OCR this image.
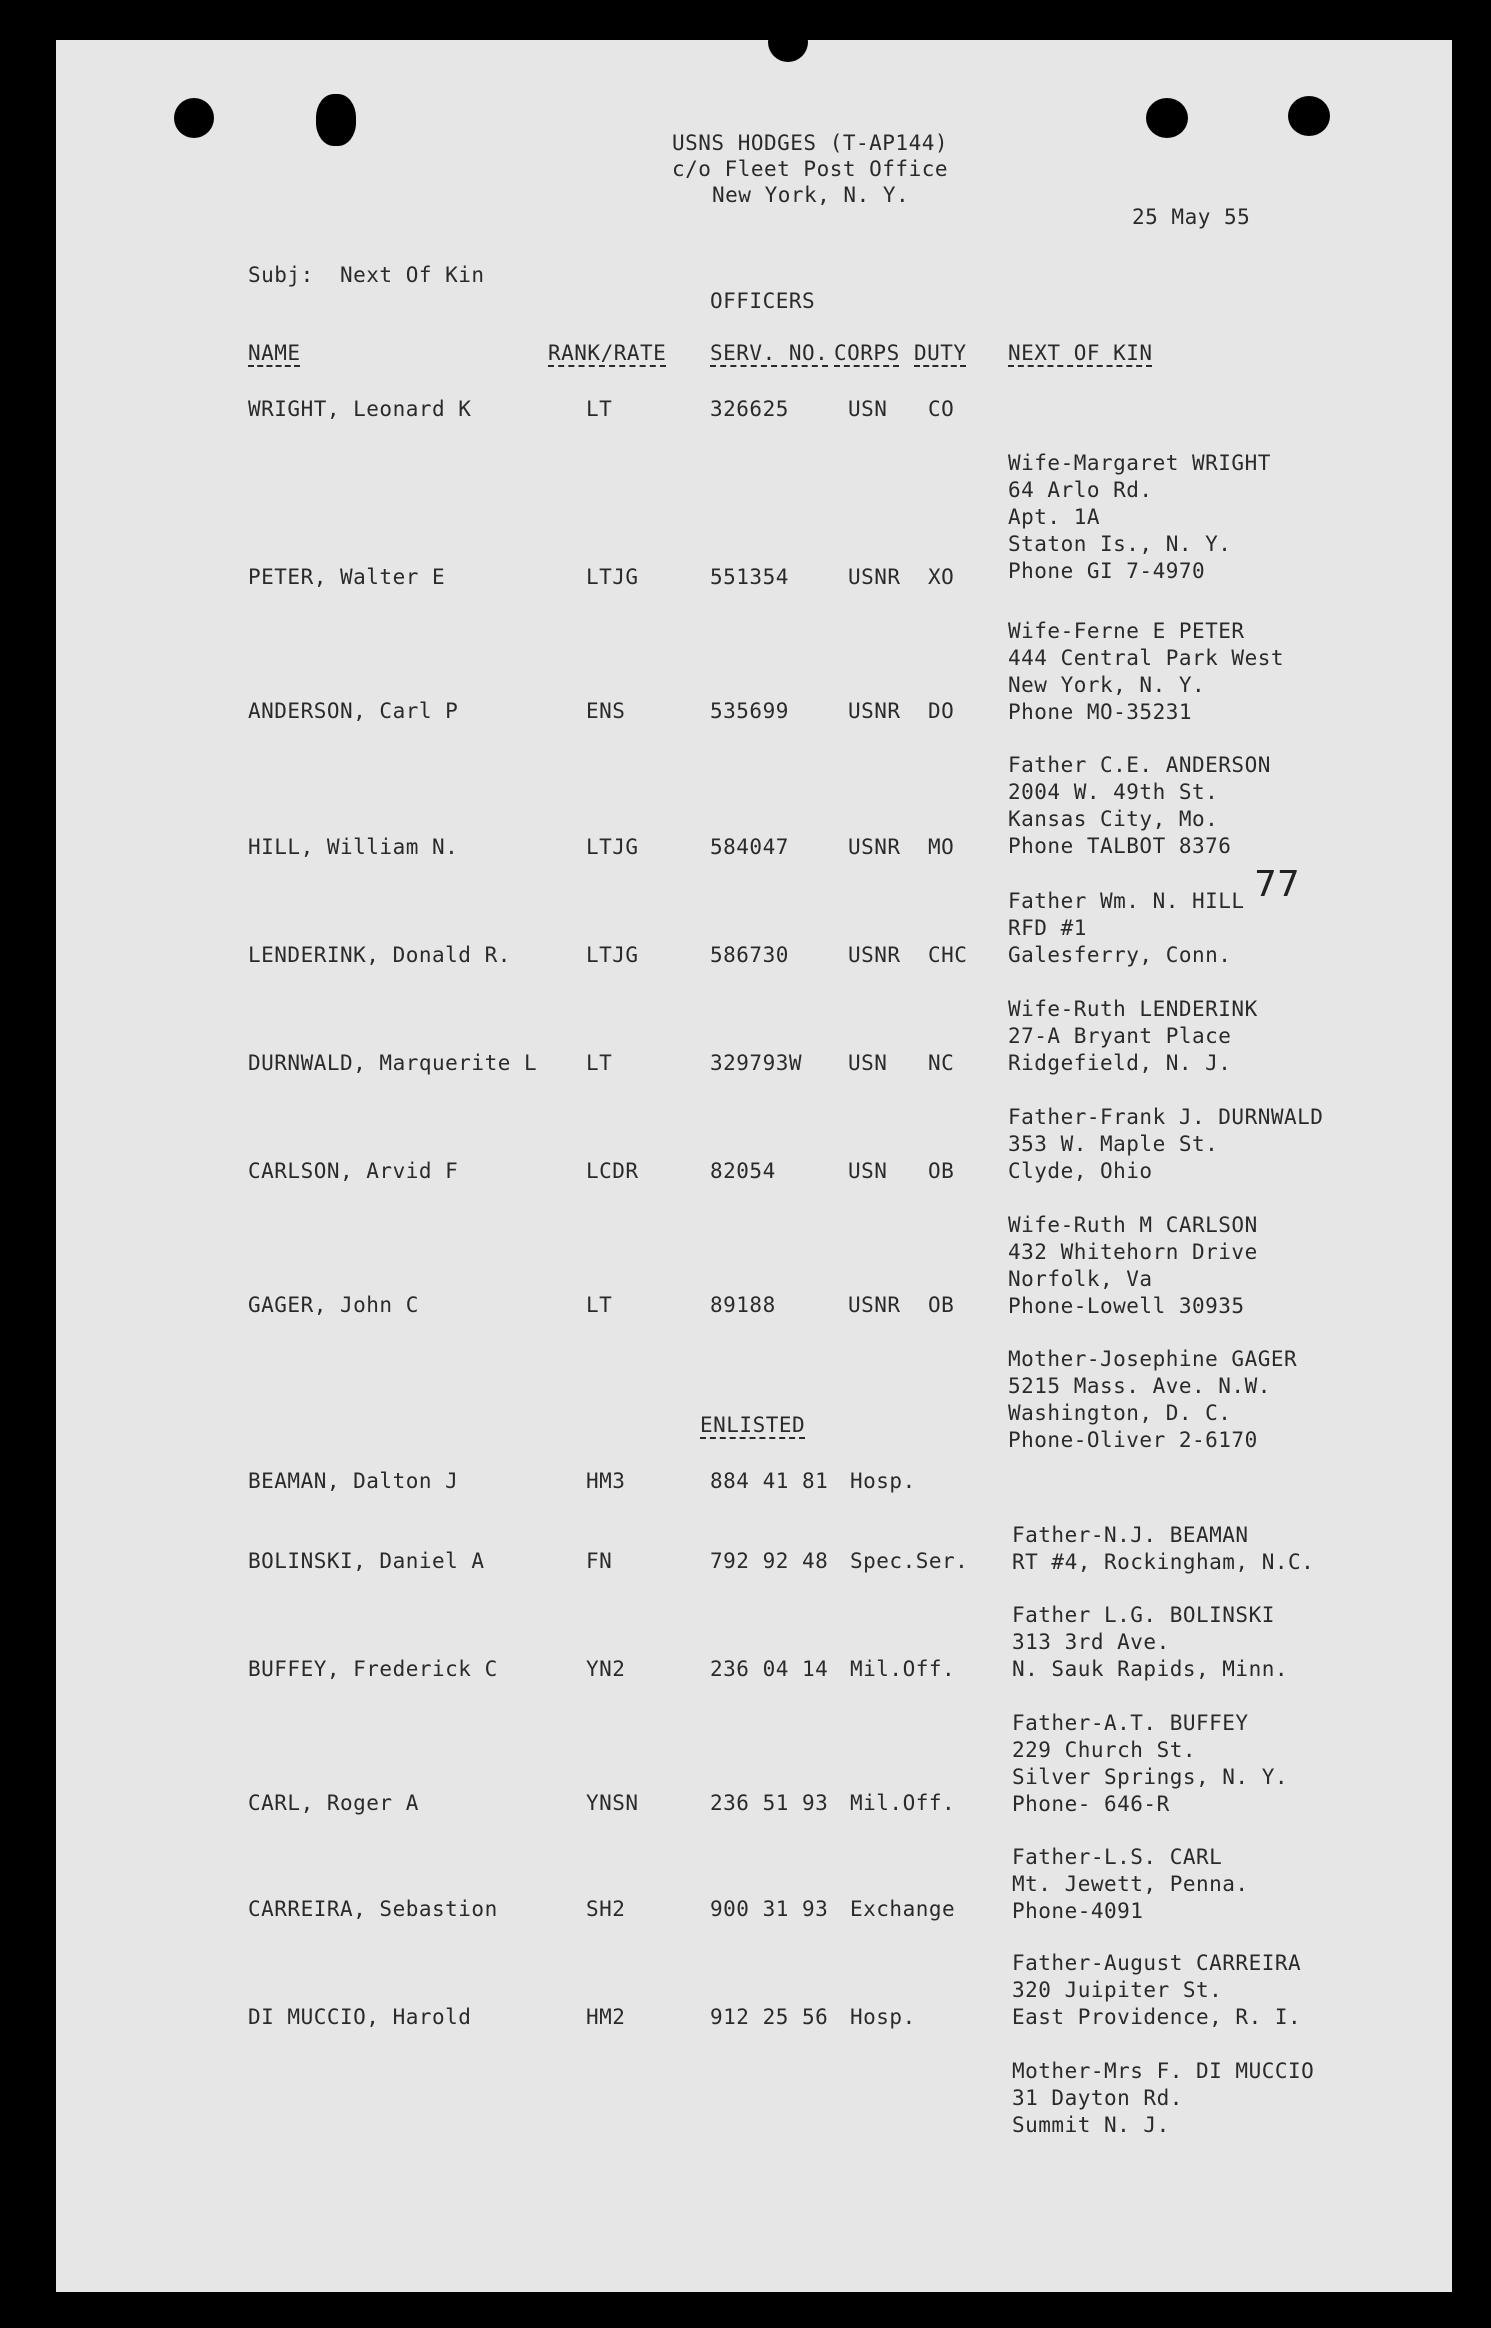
USNS HODGES (T-AP144)
c/o Fleet Post Office
New York, N. Y.
25 May 55
Subj:  Next Of Kin
OFFICERS
NAME	RANK/RATE SERV. NO. CORPS DUTY NEXT OF KIN
WRIGHT, Leonard K	LT	326625	USN CO

Wife-Margaret WRIGHT
64 Arlo Rd.
Apt. 1A
Staton Is., N. Y.
Phone GI 7-4970

PETER, Walter E	LTJG	551354	USNR XO

Wife-Ferne E PETER
444 Central Park West
New York, N. Y.
Phone MO-35231

ANDERSON, Carl P	ENS	535699	USNR DO

Father C.E. ANDERSON
2004 W. 49th St.
Kansas City, Mo.
Phone TALBOT 8376

HILL, William N.	LTJG	584047	USNR MO

Father Wm. N. HILL
RFD #1
Galesferry, Conn.

77
LENDERINK, Donald R.	LTJG	586730	USNR CHC

Wife-Ruth LENDERINK
27-A Bryant Place
Ridgefield, N. J.

DURNWALD, Marquerite L LT	329793W USN NC

Father-Frank J. DURNWALD
353 W. Maple St.
Clyde, Ohio

CARLSON, Arvid F	LCDR	82054	USN OB

Wife-Ruth M CARLSON
432 Whitehorn Drive
Norfolk, Va
Phone-Lowell 30935

GAGER, John C	LT	89188	USNR OB

Mother-Josephine GAGER
5215 Mass. Ave. N.W.
Washington, D. C.
Phone-Oliver 2-6170

ENLISTED
BEAMAN, Dalton J	HM3	884 41 81 Hosp.

Father-N.J. BEAMAN
RT #4, Rockingham, N.C.

BOLINSKI, Daniel A	FN	792 92 48 Spec.Ser.

Father L.G. BOLINSKI
313 3rd Ave.
N. Sauk Rapids, Minn.

BUFFEY, Frederick C	YN2	236 04 14 Mil.Off.

Father-A.T. BUFFEY
229 Church St.
Silver Springs, N. Y.
Phone- 646-R

CARL, Roger A	YNSN	236 51 93 Mil.Off.

Father-L.S. CARL
Mt. Jewett, Penna.
Phone-4091

CARREIRA, Sebastion	SH2	900 31 93 Exchange

Father-August CARREIRA
320 Juipiter St.
East Providence, R. I.

DI MUCCIO, Harold	HM2	912 25 56 Hosp.

Mother-Mrs F. DI MUCCIO
31 Dayton Rd.
Summit N. J.
